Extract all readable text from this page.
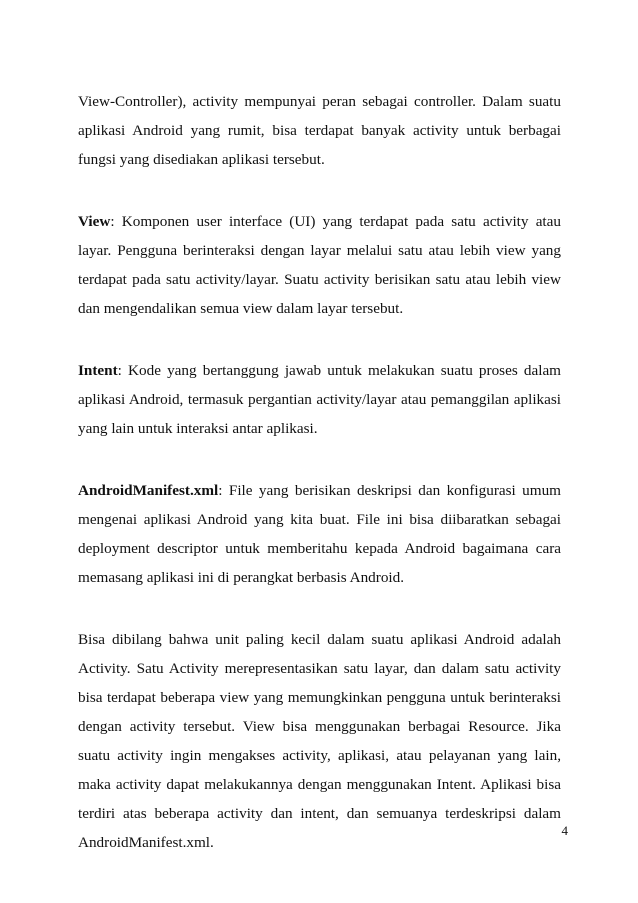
View-Controller), activity mempunyai peran sebagai controller. Dalam suatu aplikasi Android yang rumit, bisa terdapat banyak activity untuk berbagai fungsi yang disediakan aplikasi tersebut.

View: Komponen user interface (UI) yang terdapat pada satu activity atau layar. Pengguna berinteraksi dengan layar melalui satu atau lebih view yang terdapat pada satu activity/layar. Suatu activity berisikan satu atau lebih view dan mengendalikan semua view dalam layar tersebut.

Intent: Kode yang bertanggung jawab untuk melakukan suatu proses dalam aplikasi Android, termasuk pergantian activity/layar atau pemanggilan aplikasi yang lain untuk interaksi antar aplikasi.

AndroidManifest.xml: File yang berisikan deskripsi dan konfigurasi umum mengenai aplikasi Android yang kita buat. File ini bisa diibaratkan sebagai deployment descriptor untuk memberitahu kepada Android bagaimana cara memasang aplikasi ini di perangkat berbasis Android.

Bisa dibilang bahwa unit paling kecil dalam suatu aplikasi Android adalah Activity. Satu Activity merepresentasikan satu layar, dan dalam satu activity bisa terdapat beberapa view yang memungkinkan pengguna untuk berinteraksi dengan activity tersebut. View bisa menggunakan berbagai Resource. Jika suatu activity ingin mengakses activity, aplikasi, atau pelayanan yang lain, maka activity dapat melakukannya dengan menggunakan Intent. Aplikasi bisa terdiri atas beberapa activity dan intent, dan semuanya terdeskripsi dalam AndroidManifest.xml.

4
